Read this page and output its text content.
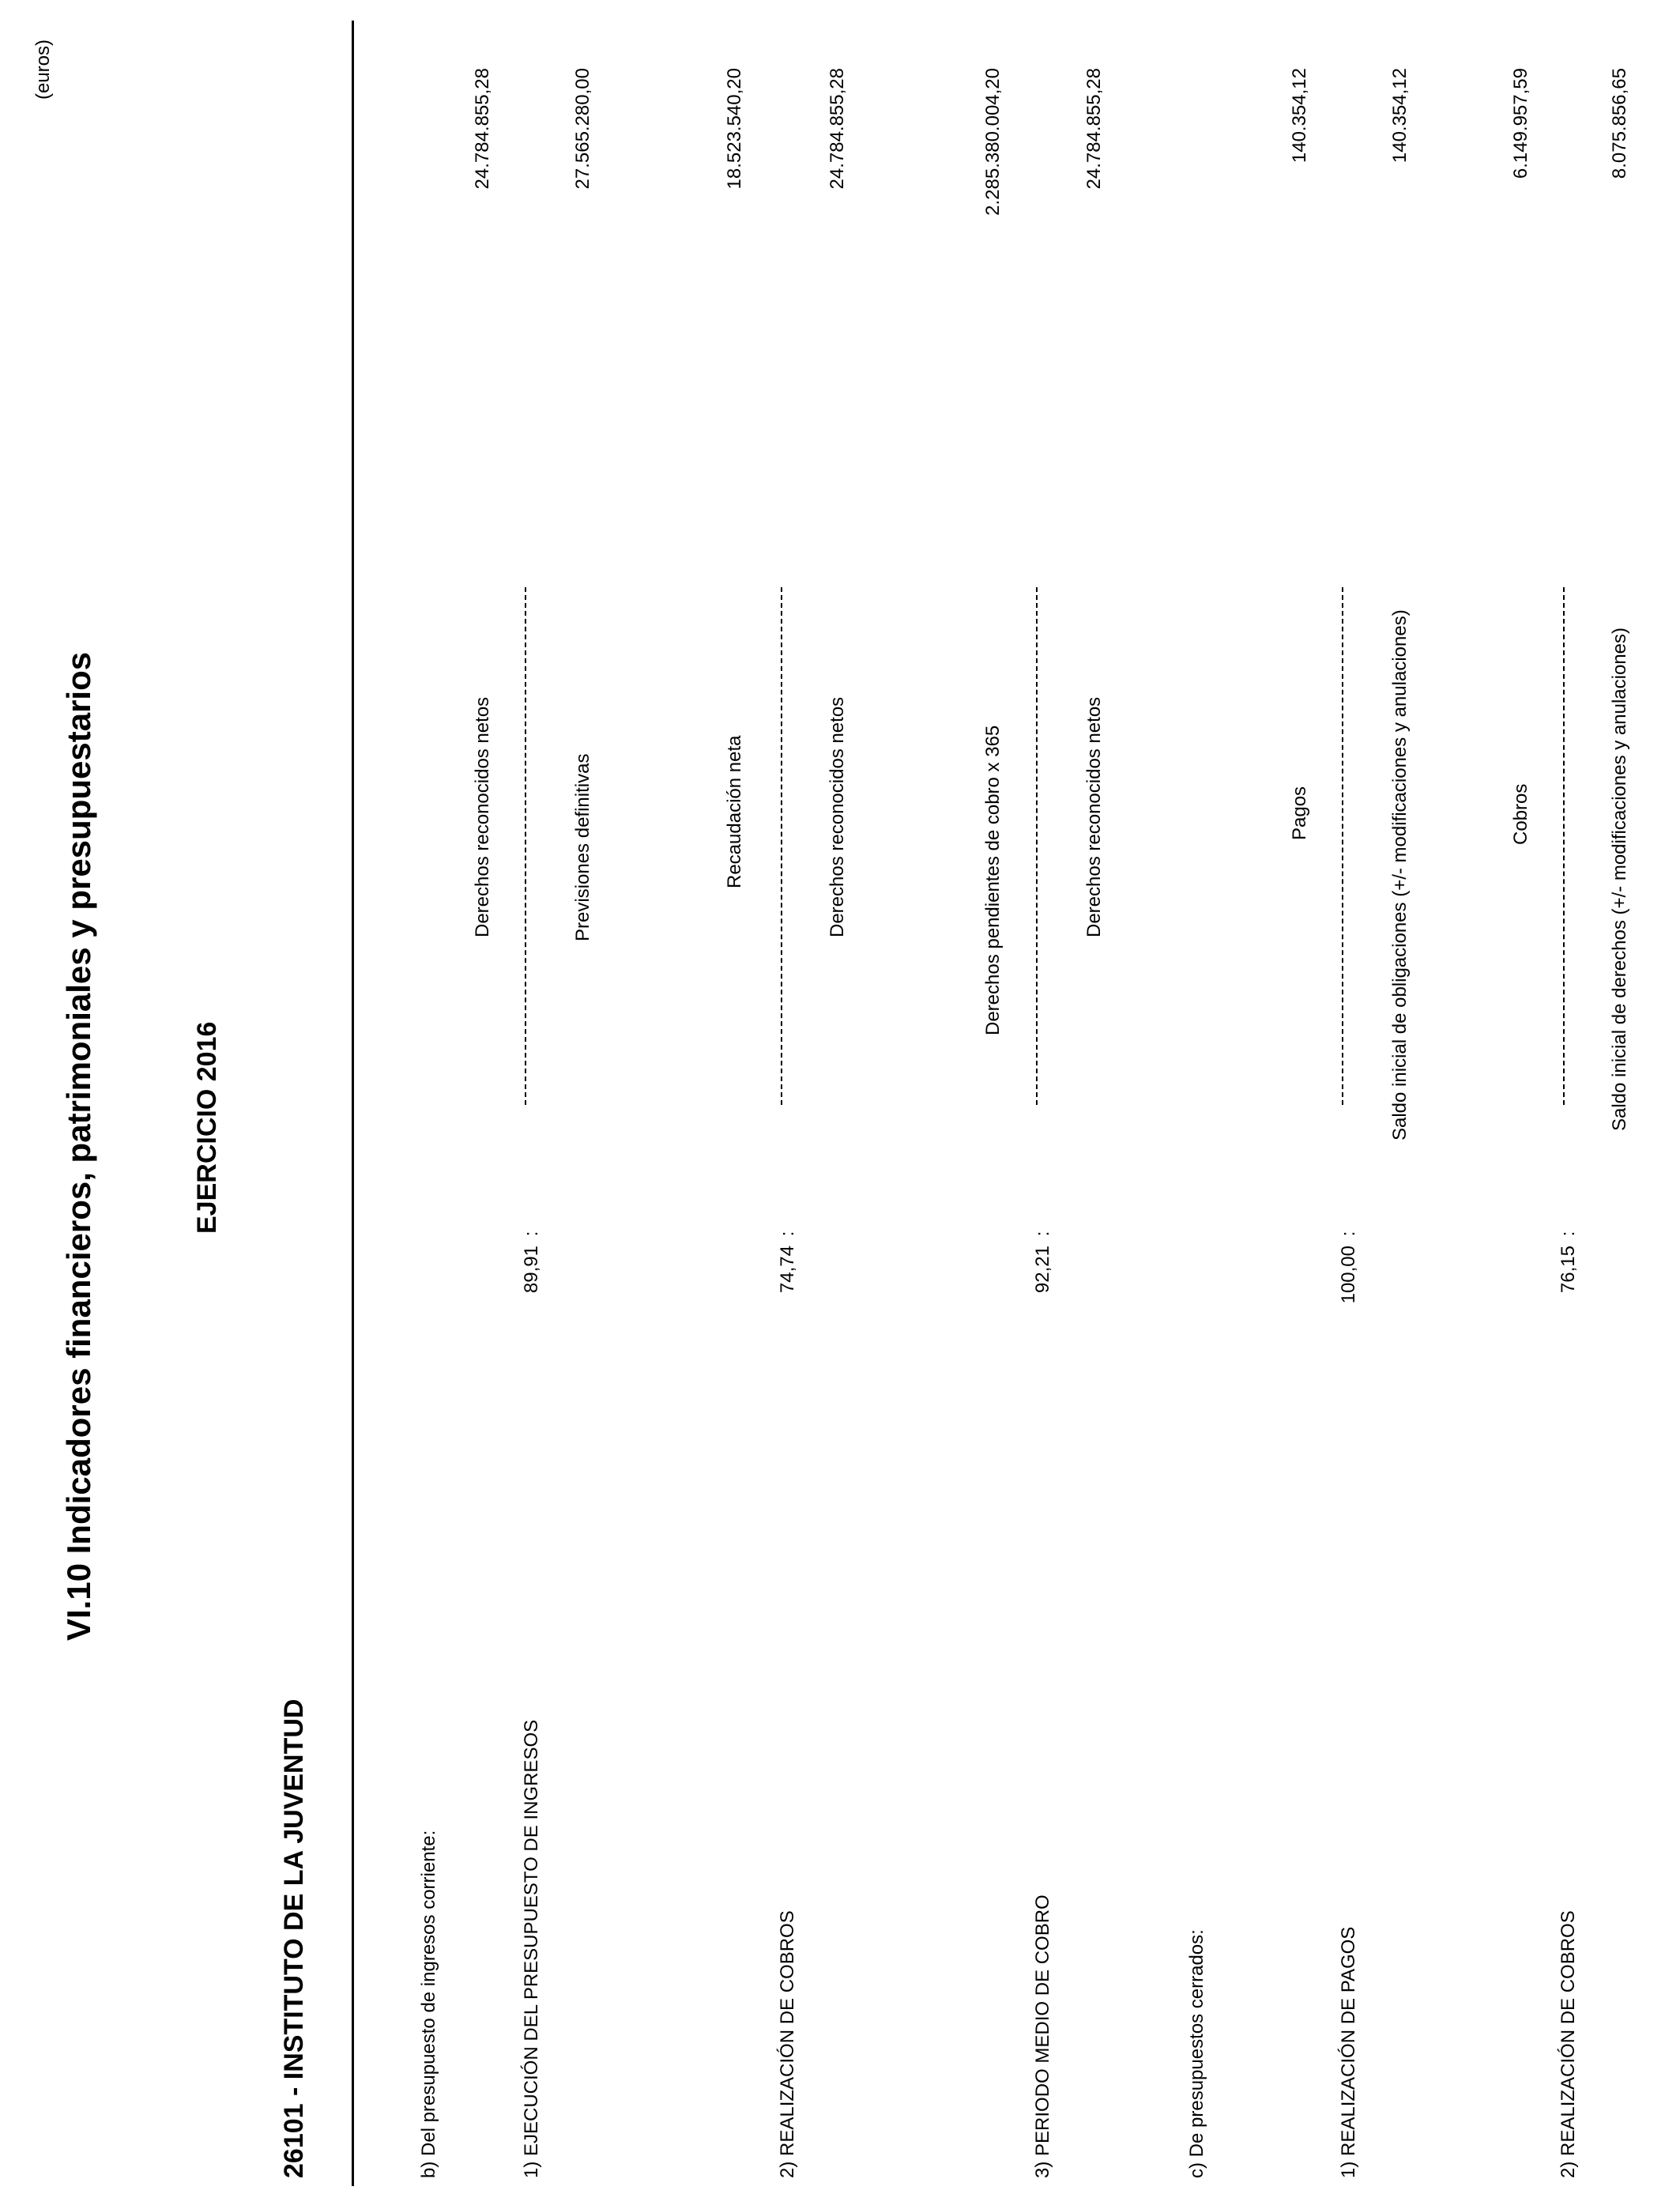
VI.10 Indicadores financieros, patrimoniales y presupuestarios	EJERCICIO 2016
26101 - INSTITUTO DE LA JUVENTUD
(euros)
b) Del presupuesto de ingresos corriente:	1) EJECUCIÓN DEL PRESUPUESTO DE INGRESOS
89,91
:
Derechos reconocidos netos	Previsiones definitivas
24.784.855,28	27.565.280,00
2) REALIZACIÓN DE COBROS
74,74
:
Recaudación neta	Derechos reconocidos netos
18.523.540,20	24.784.855,28
3) PERIODO MEDIO DE COBRO
92,21
:
Derechos pendientes de cobro x 365	Derechos reconocidos netos
2.285.380.004,20	24.784.855,28
c) De presupuestos cerrados:	1) REALIZACIÓN DE PAGOS
100,00
:
Pagos	Saldo inicial de obligaciones (+/- modificaciones y anulaciones)
140.354,12	140.354,12
2) REALIZACIÓN DE COBROS
76,15
:
Cobros	Saldo inicial de derechos (+/- modificaciones y anulaciones)
6.149.957,59	8.075.856,65
